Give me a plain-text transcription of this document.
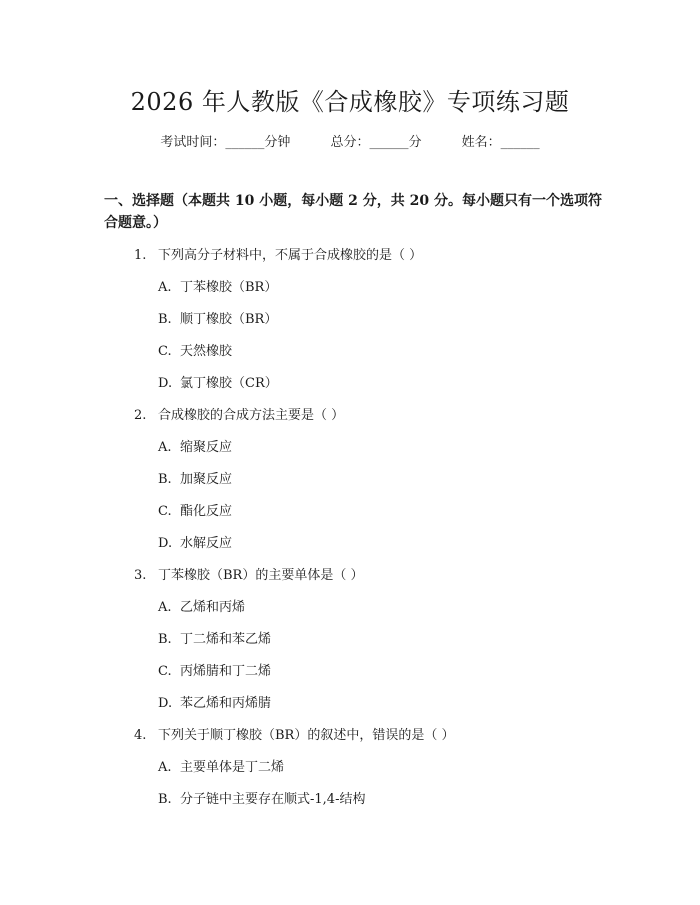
2026 年人教版《合成橡胶》专项练习题
考试时间：______分钟	总分：______分	姓名：______
一、选择题（本题共 10 小题，每小题 2 分，共 20 分。每小题只有一个选项符合题意。）
1. 下列高分子材料中，不属于合成橡胶的是（ ）
A. 丁苯橡胶（BR）
B. 顺丁橡胶（BR）
C. 天然橡胶
D. 氯丁橡胶（CR）
2. 合成橡胶的合成方法主要是（ ）
A. 缩聚反应
B. 加聚反应
C. 酯化反应
D. 水解反应
3. 丁苯橡胶（BR）的主要单体是（ ）
A. 乙烯和丙烯
B. 丁二烯和苯乙烯
C. 丙烯腈和丁二烯
D. 苯乙烯和丙烯腈
4. 下列关于顺丁橡胶（BR）的叙述中，错误的是（ ）
A. 主要单体是丁二烯
B. 分子链中主要存在顺式-1,4-结构
